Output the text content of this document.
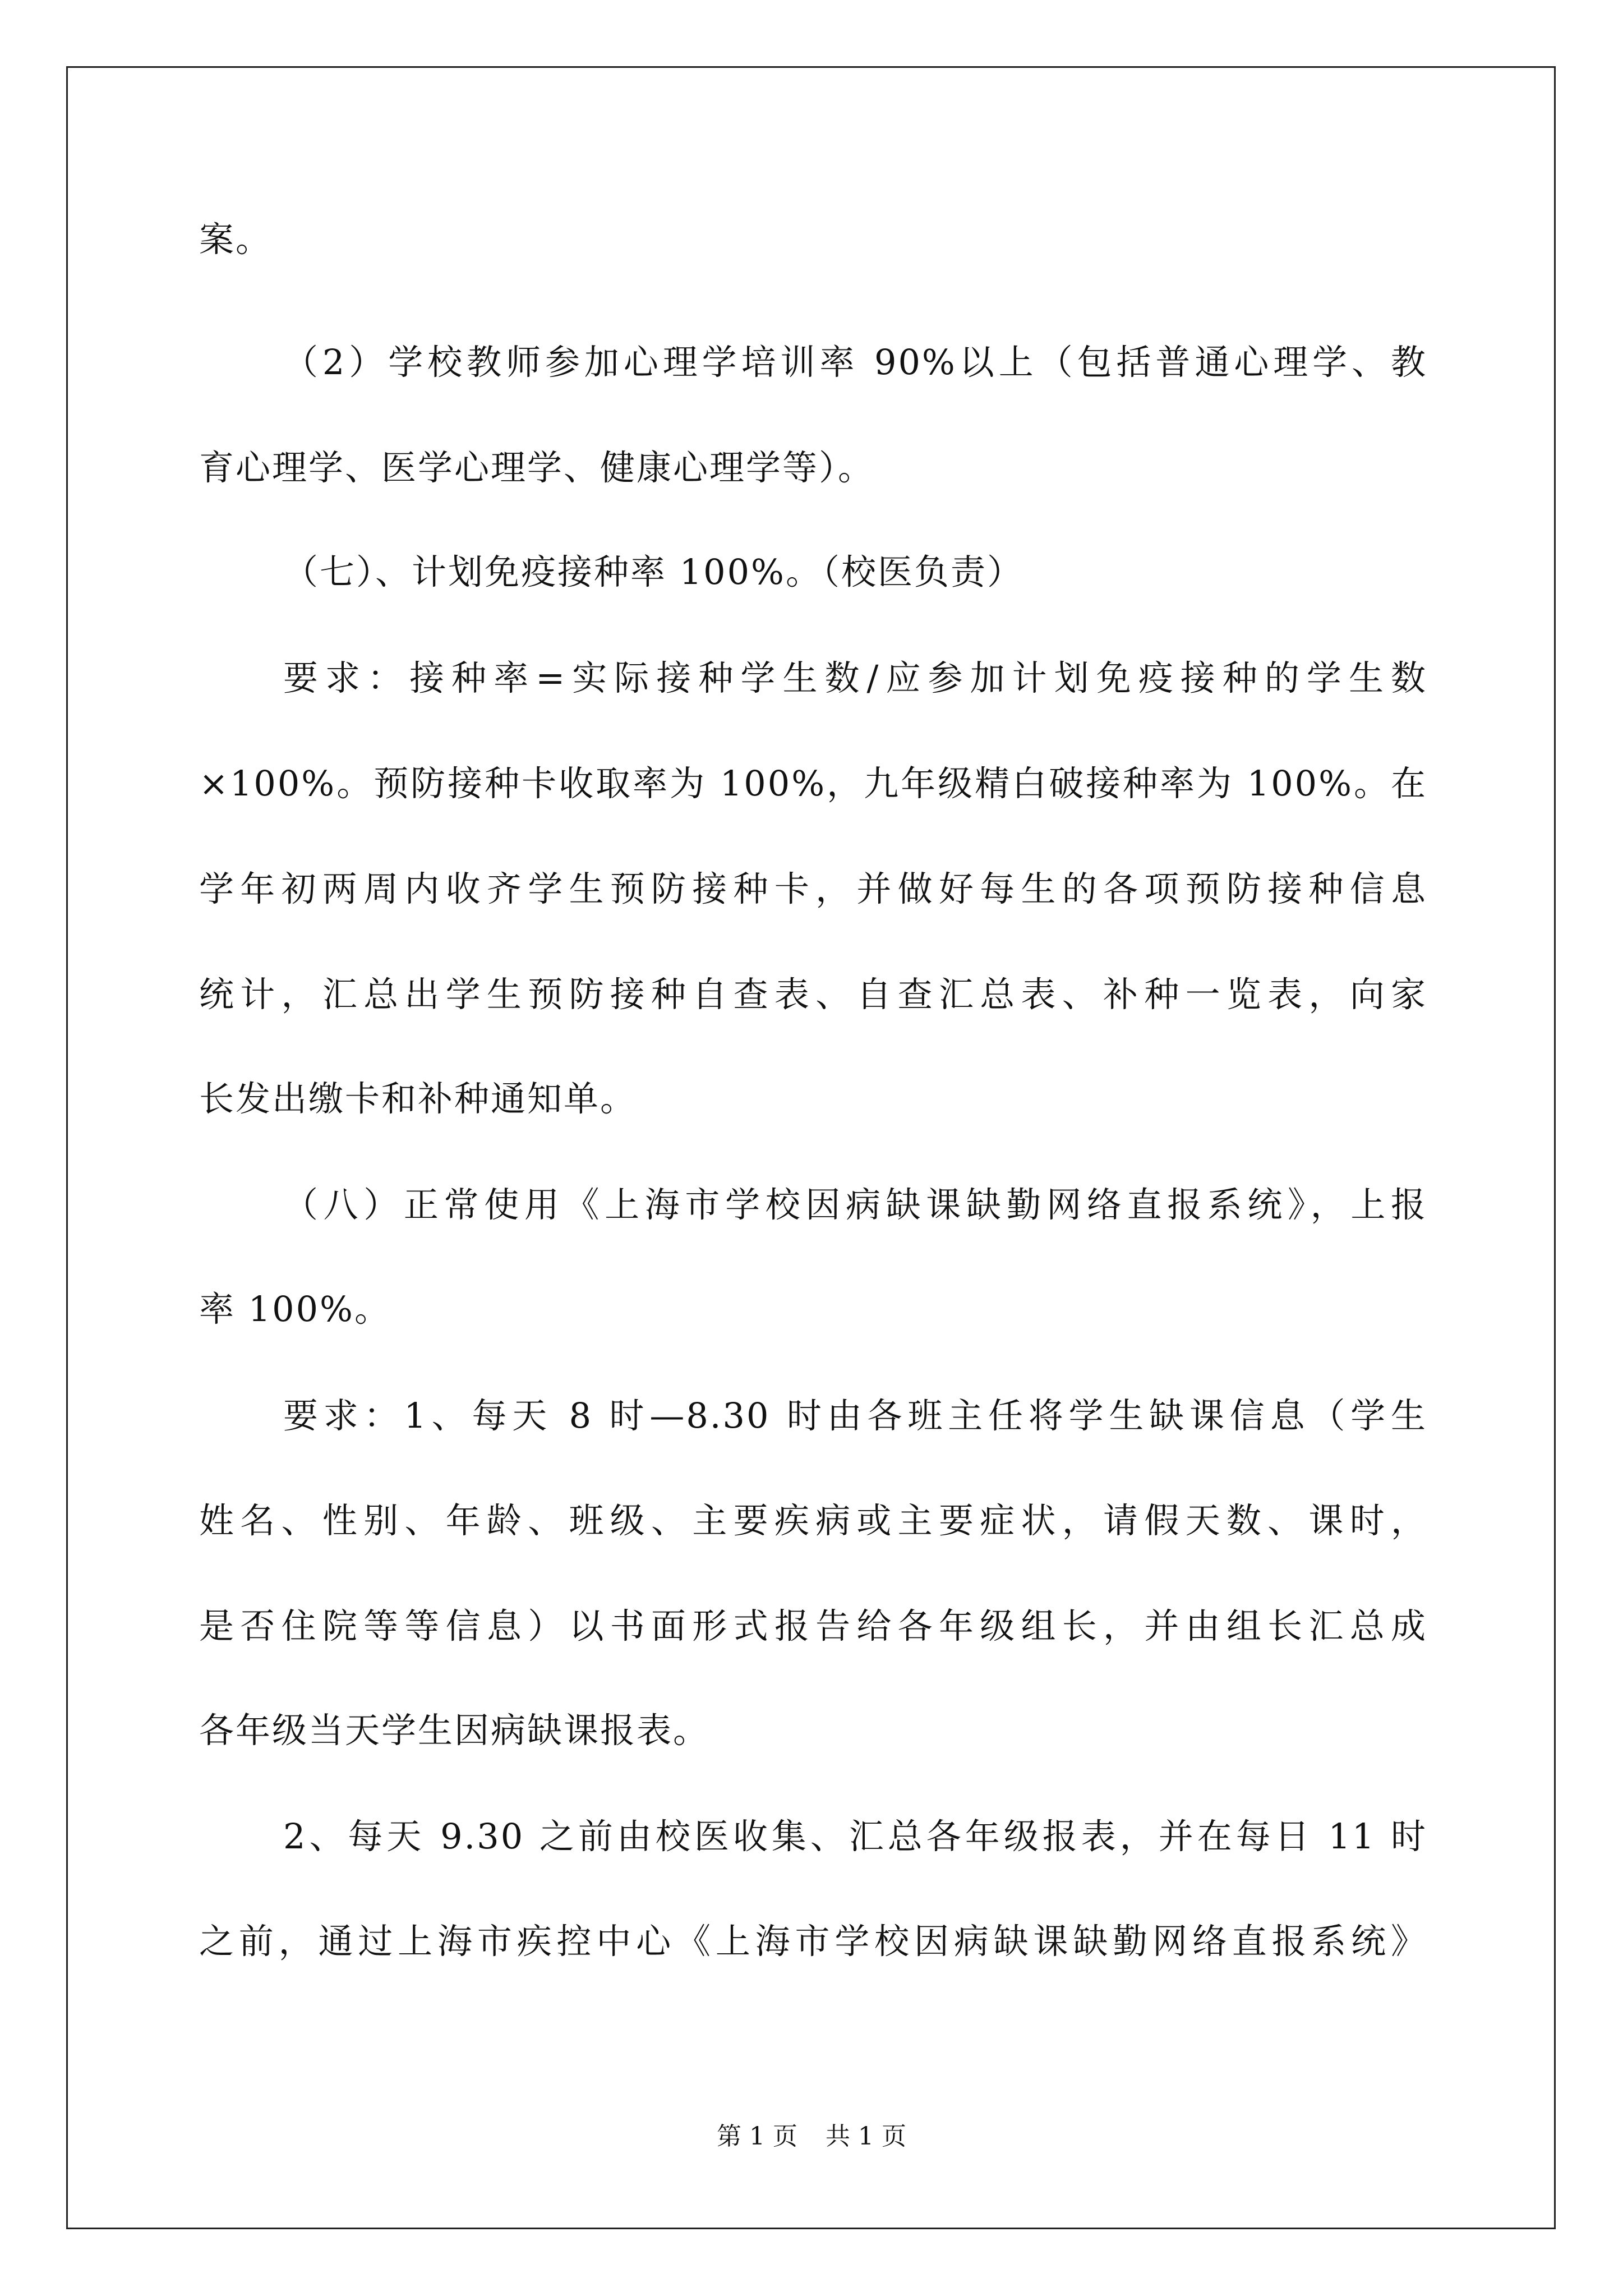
案。
（2）学校教师参加心理学培训率 90%以上（包括普通心理学、教
育心理学、医学心理学、健康心理学等）。
（七）、计划免疫接种率 100%。（校医负责）
要求：接种率=实际接种学生数/应参加计划免疫接种的学生数
×100%。预防接种卡收取率为 100%，九年级精白破接种率为 100%。在
学年初两周内收齐学生预防接种卡，并做好每生的各项预防接种信息
统计，汇总出学生预防接种自查表、自查汇总表、补种一览表，向家
长发出缴卡和补种通知单。
（八）正常使用《上海市学校因病缺课缺勤网络直报系统》，上报
率 100%。
要求：1、每天 8 时—8.30 时由各班主任将学生缺课信息（学生
姓名、性别、年龄、班级、主要疾病或主要症状，请假天数、课时，
是否住院等等信息）以书面形式报告给各年级组长，并由组长汇总成
各年级当天学生因病缺课报表。
2、每天 9.30 之前由校医收集、汇总各年级报表，并在每日 11 时
之前，通过上海市疾控中心《上海市学校因病缺课缺勤网络直报系统》
第 1 页 共 1 页
